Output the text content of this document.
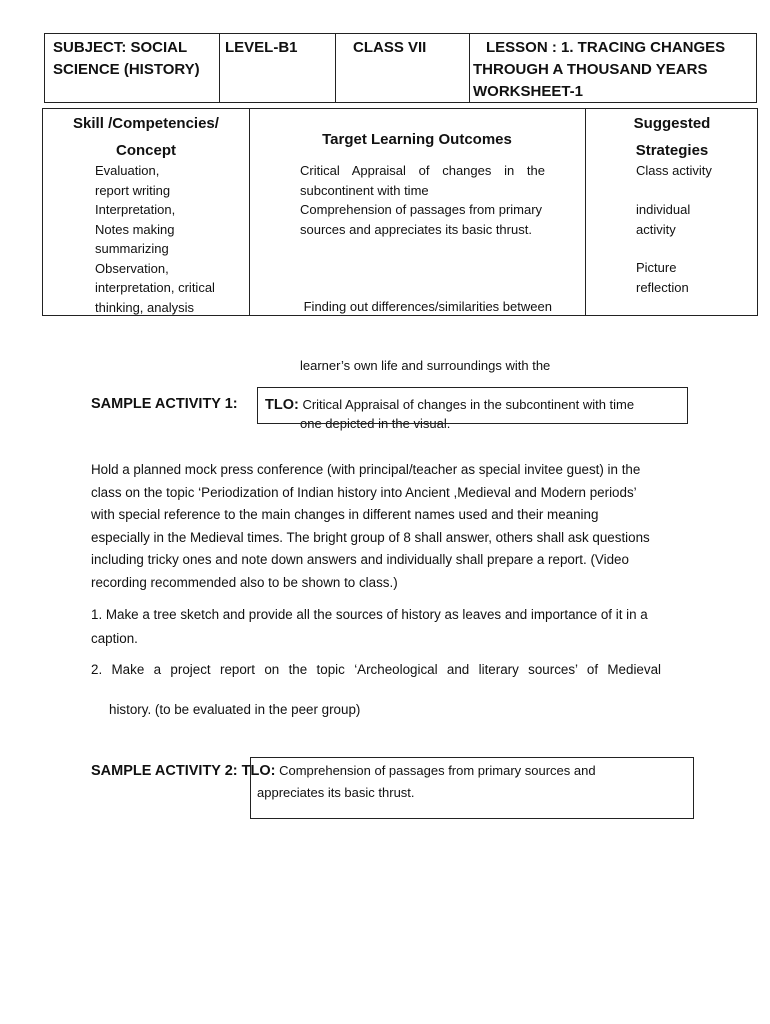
SUBJECT: SOCIAL
SCIENCE (HISTORY)
LEVEL-B1	CLASS VII	LESSON : 1. TRACING CHANGES
THROUGH A THOUSAND YEARS
WORKSHEET-1
Skill /Competencies/
Concept
Target Learning Outcomes
Suggested
Strategies
Evaluation,
report writing
Interpretation,
Notes making
summarizing
Observation,
interpretation, critical
thinking, analysis
Critical Appraisal of changes in the
subcontinent with time
Comprehension of passages from primary
sources and appreciates its basic thrust.

Finding out differences/similarities between

learner’s own life and surroundings with the

one depicted in the visual.

Class activity
individual
activity
Picture
reflection
SAMPLE ACTIVITY 1: TLO: Critical Appraisal of changes in the subcontinent with time
Hold a planned mock press conference (with principal/teacher as special invitee guest) in the
class on the topic ‘Periodization of Indian history into Ancient ,Medieval and Modern periods’
with special reference to the main changes in different names used and their meaning
especially in the Medieval times. The bright group of 8 shall answer, others shall ask questions
including tricky ones and note down answers and individually shall prepare a report. (Video
recording recommended also to be shown to class.)
1. Make a tree sketch and provide all the sources of history as leaves and importance of it in a
caption.
2. Make a project report on the topic ‘Archeological and literary sources’ of Medieval
history. (to be evaluated in the peer group)
SAMPLE ACTIVITY 2: TLO: Comprehension of passages from primary sources and
appreciates its basic thrust.
